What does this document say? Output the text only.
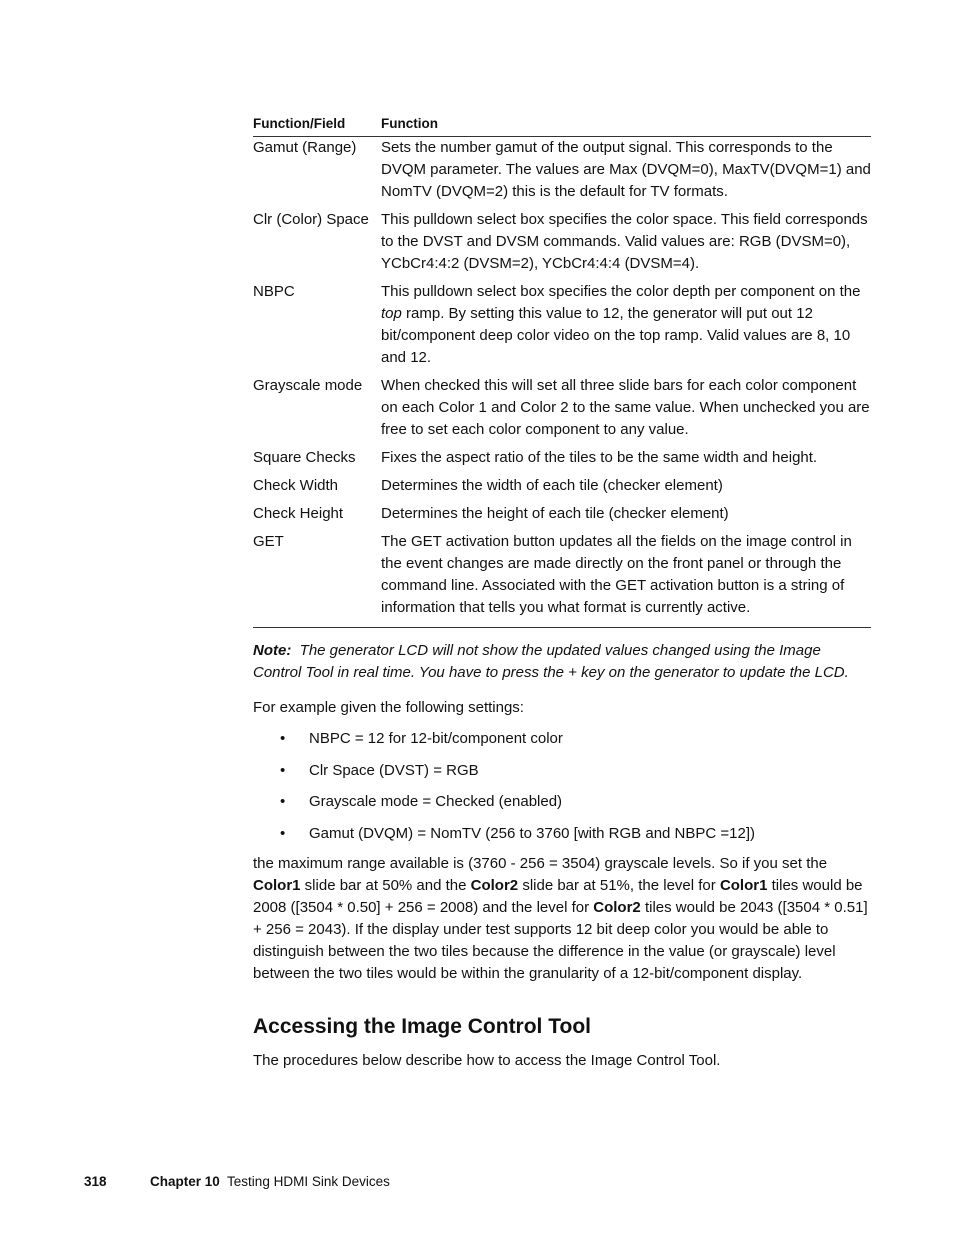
Function/Field	Function
Gamut (Range)	Sets the number gamut of the output signal. This corresponds to the DVQM parameter. The values are Max (DVQM=0), MaxTV(DVQM=1) and NomTV (DVQM=2) this is the default for TV formats.
Clr (Color) Space	This pulldown select box specifies the color space. This field corresponds to the DVST and DVSM commands. Valid values are: RGB (DVSM=0), YCbCr4:4:2 (DVSM=2), YCbCr4:4:4 (DVSM=4).
NBPC	This pulldown select box specifies the color depth per component on the top ramp. By setting this value to 12, the generator will put out 12 bit/component deep color video on the top ramp. Valid values are 8, 10 and 12.
Grayscale mode	When checked this will set all three slide bars for each color component on each Color 1 and Color 2 to the same value. When unchecked you are free to set each color component to any value.
Square Checks	Fixes the aspect ratio of the tiles to be the same width and height.
Check Width	Determines the width of each tile (checker element)
Check Height	Determines the height of each tile (checker element)
GET	The GET activation button updates all the fields on the image control in the event changes are made directly on the front panel or through the command line. Associated with the GET activation button is a string of information that tells you what format is currently active.
Note: The generator LCD will not show the updated values changed using the Image Control Tool in real time. You have to press the + key on the generator to update the LCD.

For example given the following settings:

• NBPC = 12 for 12-bit/component color
• Clr Space (DVST) = RGB
• Grayscale mode = Checked (enabled)
• Gamut (DVQM) = NomTV (256 to 3760 [with RGB and NBPC =12])

the maximum range available is (3760 - 256 = 3504) grayscale levels. So if you set the Color1 slide bar at 50% and the Color2 slide bar at 51%, the level for Color1 tiles would be 2008 ([3504 * 0.50] + 256 = 2008) and the level for Color2 tiles would be 2043 ([3504 * 0.51] + 256 = 2043). If the display under test supports 12 bit deep color you would be able to distinguish between the two tiles because the difference in the value (or grayscale) level between the two tiles would be within the granularity of a 12-bit/component display.

Accessing the Image Control Tool

The procedures below describe how to access the Image Control Tool.

318	Chapter 10 Testing HDMI Sink Devices
